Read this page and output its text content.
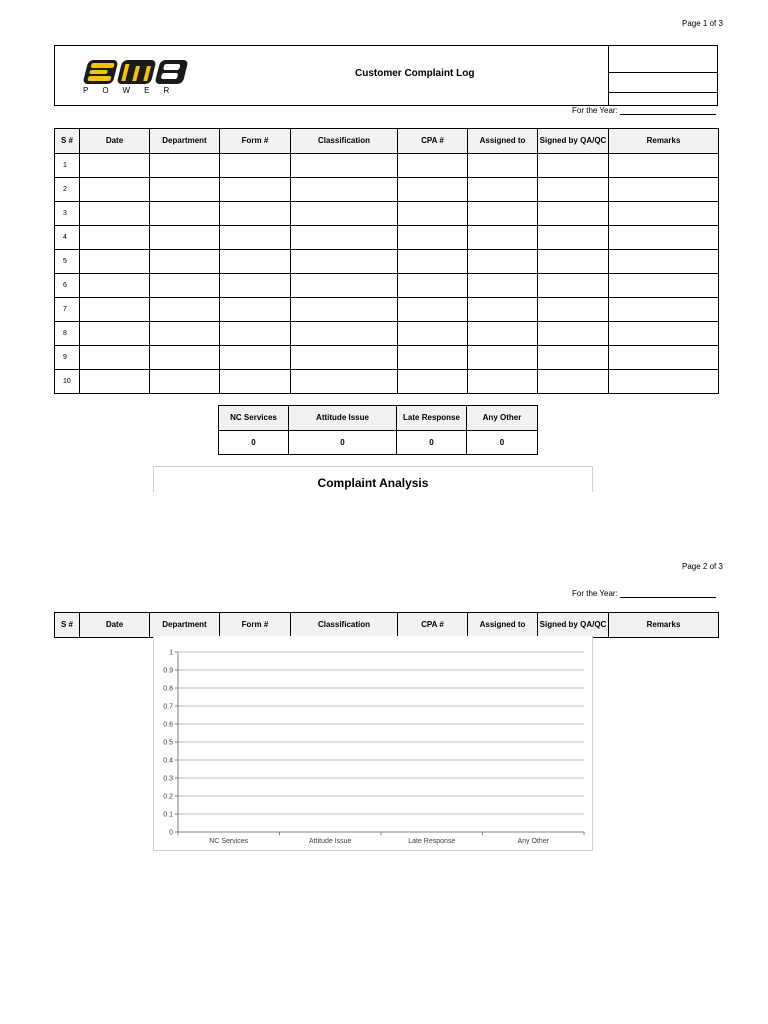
Page 1 of 3
POWER
Customer Complaint Log
For the Year:
S #	Date	Department	Form #	Classification	CPA #	Assigned to	Signed by QA/QC	Remarks
1								
2								
3								
4								
5								
6								
7								
8								
9								
10								
NC Services	Attitude Issue	Late Response	Any Other
0	0	0	0
Complaint Analysis
Page 2 of 3
For the Year:
S #	Date	Department	Form #	Classification	CPA #	Assigned to	Signed by QA/QC	Remarks
0
0.1
0.2
0.3
0.4
0.5
0.6
0.7
0.8
0.9
1
NC Services	Attitude Issue	Late Response	Any Other
